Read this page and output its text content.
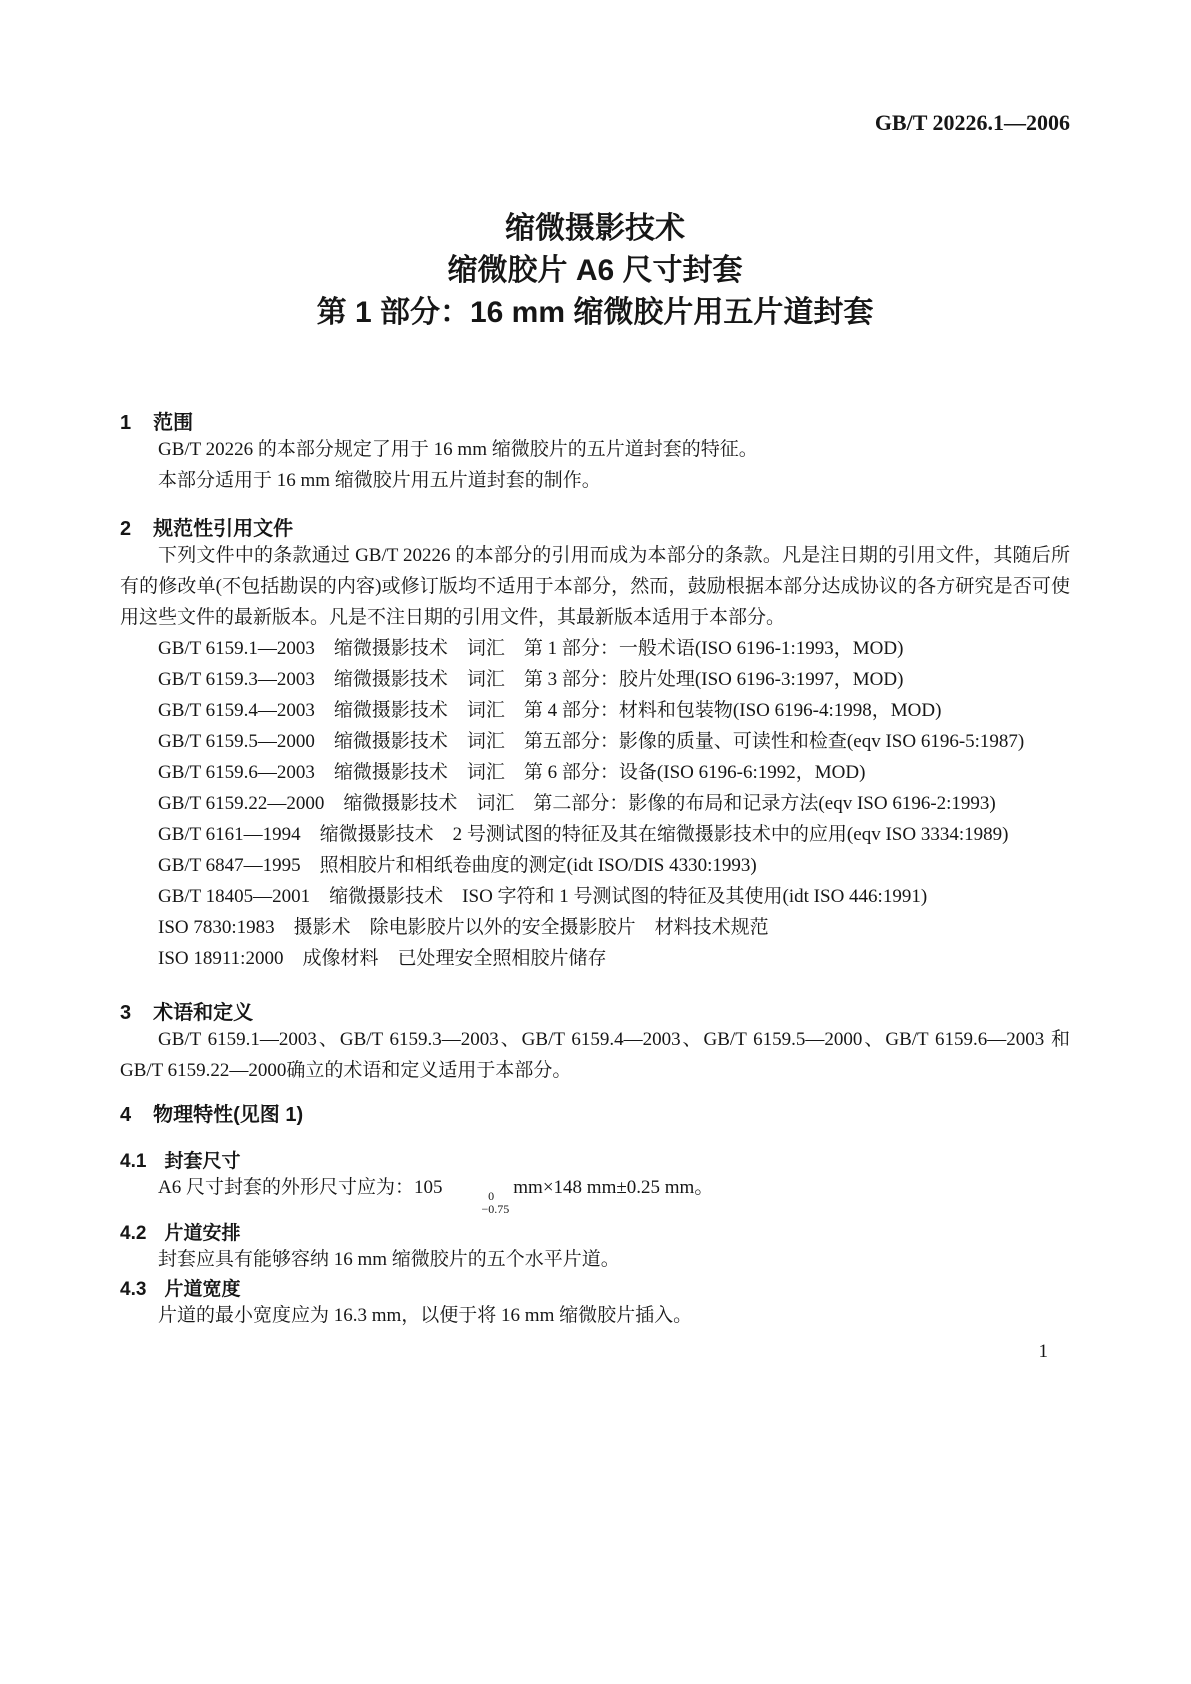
GB/T 20226.1—2006
缩微摄影技术
缩微胶片 A6 尺寸封套
第 1 部分：16 mm 缩微胶片用五片道封套
1 范围

GB/T 20226 的本部分规定了用于 16 mm 缩微胶片的五片道封套的特征。

本部分适用于 16 mm 缩微胶片用五片道封套的制作。

2 规范性引用文件

下列文件中的条款通过 GB/T 20226 的本部分的引用而成为本部分的条款。凡是注日期的引用文件，其随后所有的修改单(不包括勘误的内容)或修订版均不适用于本部分，然而，鼓励根据本部分达成协议的各方研究是否可使用这些文件的最新版本。凡是不注日期的引用文件，其最新版本适用于本部分。

GB/T 6159.1—2003　缩微摄影技术　词汇　第 1 部分：一般术语(ISO 6196-1:1993，MOD)

GB/T 6159.3—2003　缩微摄影技术　词汇　第 3 部分：胶片处理(ISO 6196-3:1997，MOD)

GB/T 6159.4—2003　缩微摄影技术　词汇　第 4 部分：材料和包装物(ISO 6196-4:1998，MOD)

GB/T 6159.5—2000　缩微摄影技术　词汇　第五部分：影像的质量、可读性和检查(eqv ISO 6196-5:1987)

GB/T 6159.6—2003　缩微摄影技术　词汇　第 6 部分：设备(ISO 6196-6:1992，MOD)

GB/T 6159.22—2000　缩微摄影技术　词汇　第二部分：影像的布局和记录方法(eqv ISO 6196-2:1993)

GB/T 6161—1994　缩微摄影技术　2 号测试图的特征及其在缩微摄影技术中的应用(eqv ISO 3334:1989)

GB/T 6847—1995　照相胶片和相纸卷曲度的测定(idt ISO/DIS 4330:1993)

GB/T 18405—2001　缩微摄影技术　ISO 字符和 1 号测试图的特征及其使用(idt ISO 446:1991)

ISO 7830:1983　摄影术　除电影胶片以外的安全摄影胶片　材料技术规范

ISO 18911:2000　成像材料　已处理安全照相胶片储存

3 术语和定义

GB/T 6159.1—2003、GB/T 6159.3—2003、GB/T 6159.4—2003、GB/T 6159.5—2000、GB/T 6159.6—2003 和 GB/T 6159.22—2000确立的术语和定义适用于本部分。

4 物理特性(见图 1)
4.1 封套尺寸

A6 尺寸封套的外形尺寸应为：105	0
−0.75
mm×148 mm±0.25 mm。

4.2 片道安排

封套应具有能够容纳 16 mm 缩微胶片的五个水平片道。

4.3 片道宽度

片道的最小宽度应为 16.3 mm，以便于将 16 mm 缩微胶片插入。

1
